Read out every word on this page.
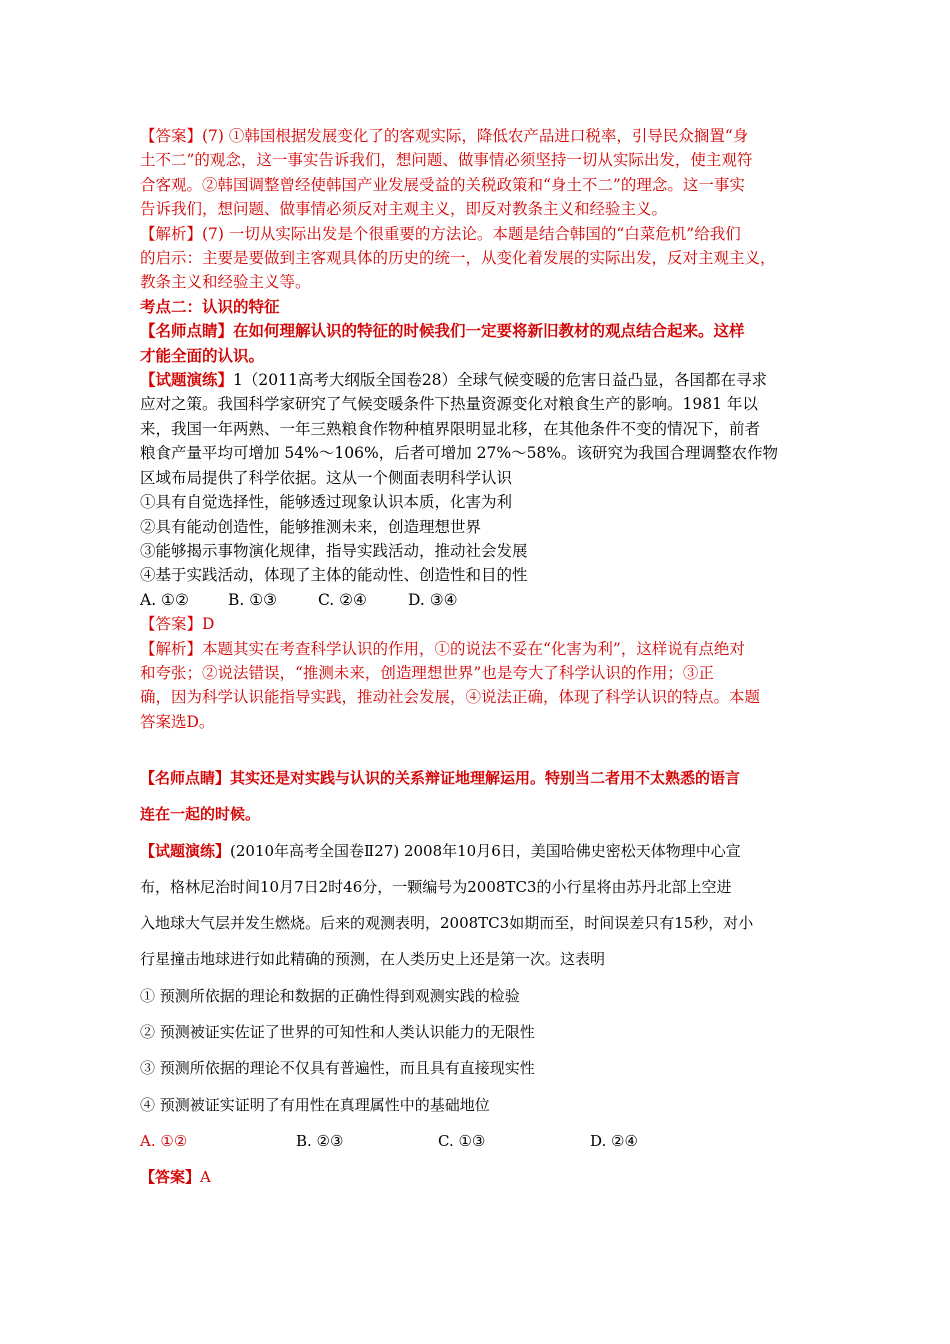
【答案】(7) ①韩国根据发展变化了的客观实际，降低农产品进口税率，引导民众搁置“身
土不二”的观念，这一事实告诉我们，想问题、做事情必须坚持一切从实际出发，使主观符
合客观。②韩国调整曾经使韩国产业发展受益的关税政策和“身土不二”的理念。这一事实
告诉我们，想问题、做事情必须反对主观主义，即反对教条主义和经验主义。
【解析】(7) 一切从实际出发是个很重要的方法论。本题是结合韩国的“白菜危机”给我们
的启示：主要是要做到主客观具体的历史的统一，从变化着发展的实际出发，反对主观主义，
教条主义和经验主义等。
考点二：认识的特征
【名师点睛】在如何理解认识的特征的时候我们一定要将新旧教材的观点结合起来。这样
才能全面的认识。
【试题演练】1（2011高考大纲版全国卷28）全球气候变暖的危害日益凸显，各国都在寻求
应对之策。我国科学家研究了气候变暖条件下热量资源变化对粮食生产的影响。1981 年以
来，我国一年两熟、一年三熟粮食作物种植界限明显北移，在其他条件不变的情况下，前者
粮食产量平均可增加 54%～106%，后者可增加 27%～58%。该研究为我国合理调整农作物
区域布局提供了科学依据。这从一个侧面表明科学认识
①具有自觉选择性，能够透过现象认识本质，化害为利
②具有能动创造性，能够推测未来，创造理想世界
③能够揭示事物演化规律，指导实践活动，推动社会发展
④基于实践活动，体现了主体的能动性、创造性和目的性
A. ①②	B. ①③	C. ②④	D. ③④
【答案】D
【解析】本题其实在考查科学认识的作用，①的说法不妥在“化害为利”，这样说有点绝对
和夸张；②说法错误，“推测未来，创造理想世界”也是夸大了科学认识的作用；③正
确，因为科学认识能指导实践，推动社会发展，④说法正确，体现了科学认识的特点。本题
答案选D。
【名师点睛】其实还是对实践与认识的关系辩证地理解运用。特别当二者用不太熟悉的语言
连在一起的时候。
【试题演练】(2010年高考全国卷Ⅱ27) 2008年10月6日，美国哈佛史密松天体物理中心宣
布，格林尼治时间10月7日2时46分，一颗编号为2008TC3的小行星将由苏丹北部上空进
入地球大气层并发生燃烧。后来的观测表明，2008TC3如期而至，时间误差只有15秒，对小
行星撞击地球进行如此精确的预测，在人类历史上还是第一次。这表明
① 预测所依据的理论和数据的正确性得到观测实践的检验
② 预测被证实佐证了世界的可知性和人类认识能力的无限性
③ 预测所依据的理论不仅具有普遍性，而且具有直接现实性
④ 预测被证实证明了有用性在真理属性中的基础地位
A. ①②	B. ②③	C. ①③	D. ②④
【答案】A
